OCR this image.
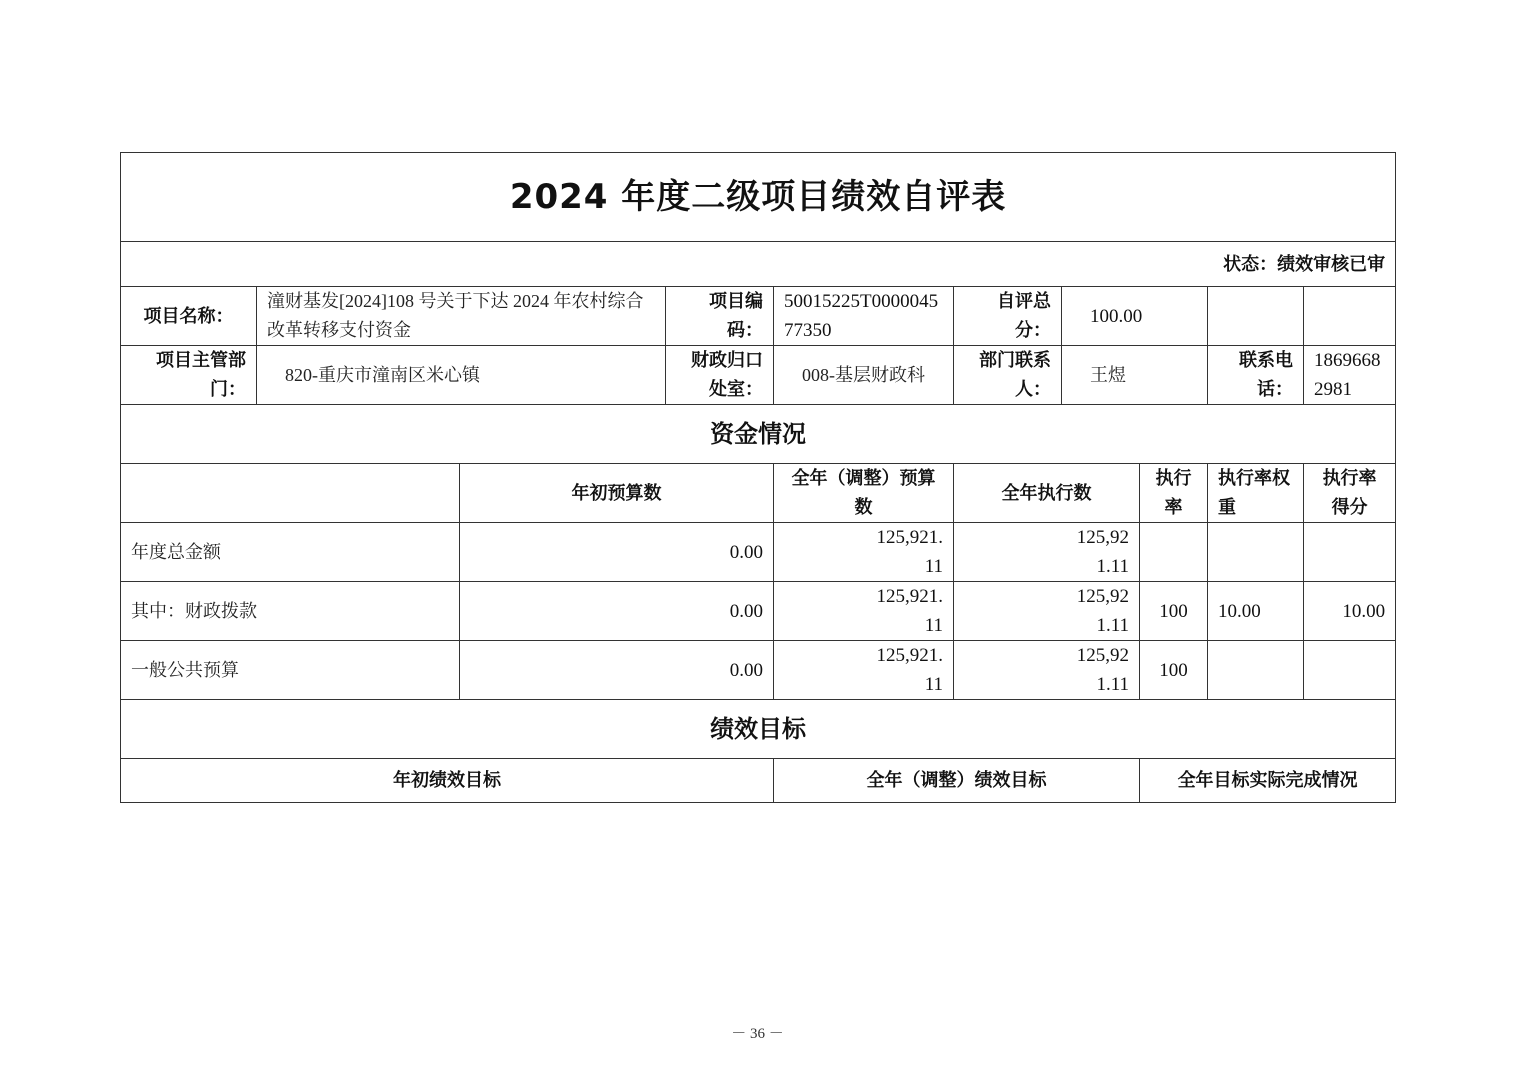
2024 年度二级项目绩效自评表									
状态：绩效审核已审									
项目名称：	潼财基发[2024]108 号关于下达 2024 年农村综合改革转移支付资金		项目编码：	50015225T000004577350	自评总分：	100.00			
项目主管部门：	820-重庆市潼南区米心镇		财政归口处室：	008-基层财政科	部门联系人：	王煜		联系电话：	18696682981
资金情况									
		年初预算数		全年（调整）预算数	全年执行数		执行率	执行率权重	执行率得分
年度总金额		0.00		125,921.11	125,921.11				
其中：财政拨款		0.00		125,921.11	125,921.11		100	10.00	10.00
一般公共预算		0.00		125,921.11	125,921.11		100		
绩效目标									
年初绩效目标				全年（调整）绩效目标			全年目标实际完成情况		
－ 36 －
